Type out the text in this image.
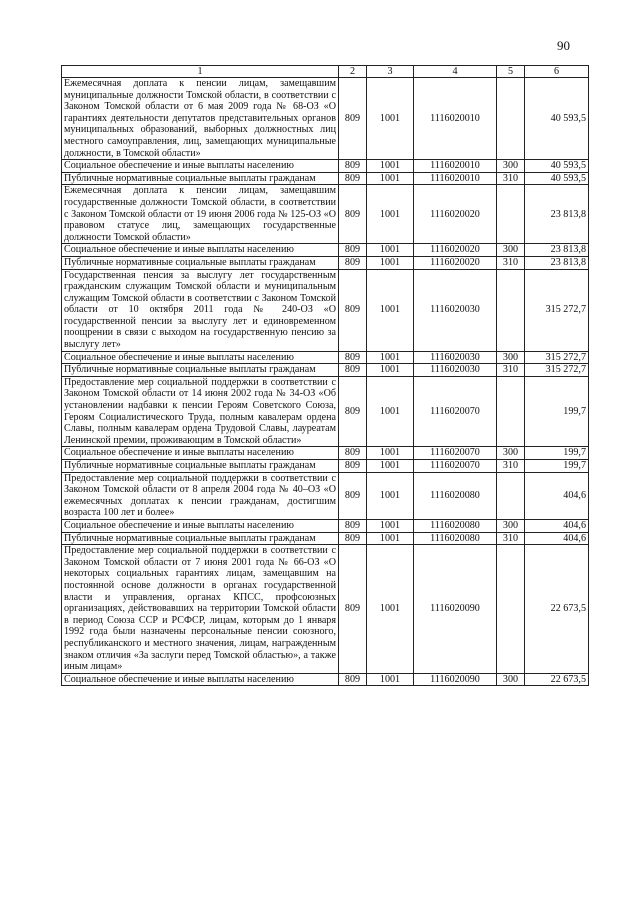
90
1	2	3	4	5	6
Ежемесячная доплата к пенсии лицам, замещавшим муниципальные должности Томской области, в соответствии с Законом Томской области от 6 мая 2009 года № 68-ОЗ «О гарантиях деятельности депутатов представительных органов муниципальных образований, выборных должностных лиц местного самоуправления, лиц, замещающих муниципальные должности, в Томской области»	809	1001	1116020010		40 593,5
Социальное обеспечение и иные выплаты населению	809	1001	1116020010	300	40 593,5
Публичные нормативные социальные выплаты гражданам	809	1001	1116020010	310	40 593,5
Ежемесячная доплата к пенсии лицам, замещавшим государственные должности Томской области, в соответствии с Законом Томской области от 19 июня 2006 года № 125-ОЗ «О правовом статусе лиц, замещающих государственные должности Томской области»	809	1001	1116020020		23 813,8
Социальное обеспечение и иные выплаты населению	809	1001	1116020020	300	23 813,8
Публичные нормативные социальные выплаты гражданам	809	1001	1116020020	310	23 813,8
Государственная пенсия за выслугу лет государственным гражданским служащим Томской области и муниципальным служащим Томской области в соответствии с Законом Томской области от 10 октября 2011 года № 240-ОЗ «О государственной пенсии за выслугу лет и единовременном поощрении в связи с выходом на государственную пенсию за выслугу лет»	809	1001	1116020030		315 272,7
Социальное обеспечение и иные выплаты населению	809	1001	1116020030	300	315 272,7
Публичные нормативные социальные выплаты гражданам	809	1001	1116020030	310	315 272,7
Предоставление мер социальной поддержки в соответствии с Законом Томской области от 14 июня 2002 года № 34-ОЗ «Об установлении надбавки к пенсии Героям Советского Союза, Героям Социалистического Труда, полным кавалерам ордена Славы, полным кавалерам ордена Трудовой Славы, лауреатам Ленинской премии, проживающим в Томской области»	809	1001	1116020070		199,7
Социальное обеспечение и иные выплаты населению	809	1001	1116020070	300	199,7
Публичные нормативные социальные выплаты гражданам	809	1001	1116020070	310	199,7
Предоставление мер социальной поддержки в соответствии с Законом Томской области от 8 апреля 2004 года № 40–ОЗ «О ежемесячных доплатах к пенсии гражданам, достигшим возраста 100 лет и более»	809	1001	1116020080		404,6
Социальное обеспечение и иные выплаты населению	809	1001	1116020080	300	404,6
Публичные нормативные социальные выплаты гражданам	809	1001	1116020080	310	404,6
Предоставление мер социальной поддержки в соответствии с Законом Томской области от 7 июня 2001 года № 66-ОЗ «О некоторых социальных гарантиях лицам, замещавшим на постоянной основе должности в органах государственной власти и управления, органах КПСС, профсоюзных организациях, действовавших на территории Томской области в период Союза ССР и РСФСР, лицам, которым до 1 января 1992 года были назначены персональные пенсии союзного, республиканского и местного значения, лицам, награжденным знаком отличия «За заслуги перед Томской областью», а также иным лицам»	809	1001	1116020090		22 673,5
Социальное обеспечение и иные выплаты населению	809	1001	1116020090	300	22 673,5
